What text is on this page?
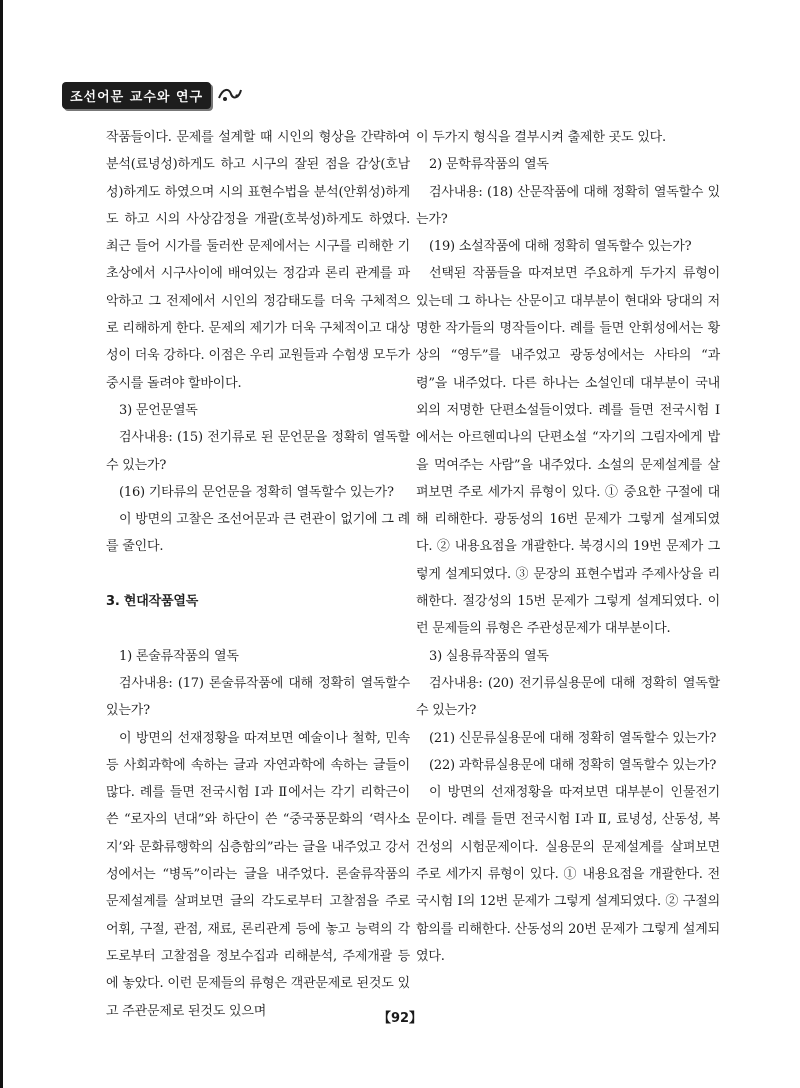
조선어문 교수와 연구

작품들이다. 문제를 설계할 때 시인의 형상을 간략하여 분석(료녕성)하게도 하고 시구의 잘된 점을 감상(호남성)하게도 하였으며 시의 표현수법을 분석(안휘성)하게도 하고 시의 사상감정을 개괄(호북성)하게도 하였다. 최근 들어 시가를 둘러싼 문제에서는 시구를 리해한 기초상에서 시구사이에 배여있는 정감과 론리 관계를 파악하고 그 전제에서 시인의 정감태도를 더욱 구체적으로 리해하게 한다. 문제의 제기가 더욱 구체적이고 대상성이 더욱 강하다. 이점은 우리 교원들과 수험생 모두가 중시를 돌려야 할바이다.

3) 문언문열독

검사내용: (15) 전기류로 된 문언문을 정확히 열독할수 있는가?

(16) 기타류의 문언문을 정확히 열독할수 있는가?

이 방면의 고찰은 조선어문과 큰 련관이 없기에 그 례를 줄인다.

3. 현대작품열독

1) 론술류작품의 열독

검사내용: (17) 론술류작품에 대해 정확히 열독할수 있는가?

이 방면의 선재정황을 따져보면 예술이나 철학, 민속 등 사회과학에 속하는 글과 자연과학에 속하는 글들이 많다. 례를 들면 전국시험 Ⅰ과 Ⅱ에서는 각기 리학근이 쓴 “로자의 년대”와 하단이 쓴 “중국풍문화의 ‘력사소지’와 문화류행학의 심층함의”라는 글을 내주었고 강서성에서는 “병독”이라는 글을 내주었다. 론술류작품의 문제설계를 살펴보면 글의 각도로부터 고찰점을 주로 어휘, 구절, 관점, 재료, 론리관계 등에 놓고 능력의 각도로부터 고찰점을 정보수집과 리해분석, 주제개괄 등에 놓았다. 이런 문제들의 류형은 객관문제로 된것도 있고 주관문제로 된것도 있으며

이 두가지 형식을 결부시켜 출제한 곳도 있다.

2) 문학류작품의 열독

검사내용: (18) 산문작품에 대해 정확히 열독할수 있는가?

(19) 소설작품에 대해 정확히 열독할수 있는가?

선택된 작품들을 따져보면 주요하게 두가지 류형이 있는데 그 하나는 산문이고 대부분이 현대와 당대의 저명한 작가들의 명작들이다. 례를 들면 안휘성에서는 황상의 “영두”를 내주었고 광동성에서는 사타의 “과령”을 내주었다. 다른 하나는 소설인데 대부분이 국내외의 저명한 단편소설들이였다. 례를 들면 전국시험 Ⅰ에서는 아르헨띠나의 단편소설 “자기의 그림자에게 밥을 먹여주는 사람”을 내주었다. 소설의 문제설계를 살펴보면 주로 세가지 류형이 있다. ① 중요한 구절에 대해 리해한다. 광동성의 16번 문제가 그렇게 설계되였다. ② 내용요점을 개괄한다. 북경시의 19번 문제가 그렇게 설계되였다. ③ 문장의 표현수법과 주제사상을 리해한다. 절강성의 15번 문제가 그렇게 설계되였다. 이런 문제들의 류형은 주관성문제가 대부분이다.

3) 실용류작품의 열독

검사내용: (20) 전기류실용문에 대해 정확히 열독할수 있는가?

(21) 신문류실용문에 대해 정확히 열독할수 있는가?

(22) 과학류실용문에 대해 정확히 열독할수 있는가?

이 방면의 선재정황을 따져보면 대부분이 인물전기문이다. 례를 들면 전국시험 Ⅰ과 Ⅱ, 료녕성, 산동성, 복건성의 시험문제이다. 실용문의 문제설계를 살펴보면 주로 세가지 류형이 있다. ① 내용요점을 개괄한다. 전국시험 Ⅰ의 12번 문제가 그렇게 설계되였다. ② 구절의 함의를 리해한다. 산동성의 20번 문제가 그렇게 설계되였다.

【92】
